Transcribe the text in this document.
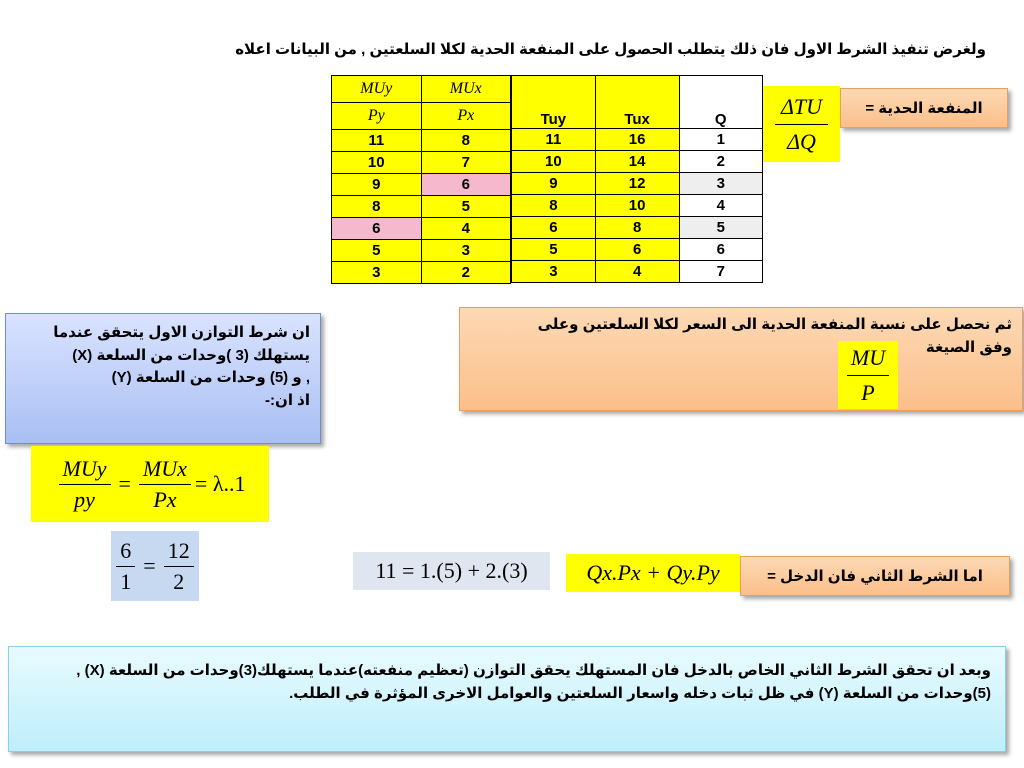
ولغرض تنفيذ الشرط الاول فان ذلك يتطلب الحصول على المنفعة الحدية لكلا السلعتين , من البيانات اعلاه
MUy	MUx
Py	Px
11	8
10	7
9	6
8	5
6	4
5	3
3	2
Tuy	Tux	Q
11	16	1
10	14	2
9	12	3
8	10	4
6	8	5
5	6	6
3	4	7
ΔTU
ΔQ
المنفعة الحدية =
ثم نحصل على نسبة المنفعة الحدية الى السعر لكلا السلعتين وعلى
وفق الصيغة
MU
P
ان شرط التوازن الاول يتحقق عندما
يستهلك (3 )وحدات من السلعة (X)
, و (5) وحدات من السلعة (Y)
اذ ان:-
$\frac{\text{MUy}}{py} = \frac{\text{MUx}}{Px} = \lambda..1$
$\frac{6}{1} = \frac{12}{2}$	11 = 1.(5) + 2.(3)	Qx.Px + Qy.Py	اما الشرط الثاني فان الدخل =
وبعد ان تحقق الشرط الثاني الخاص بالدخل فان المستهلك يحقق التوازن (تعظيم منفعته)عندما يستهلك(3)وحدات من السلعة (X) , (5)وحدات من السلعة (Y) في ظل ثبات دخله واسعار السلعتين والعوامل الاخرى المؤثرة في الطلب.
